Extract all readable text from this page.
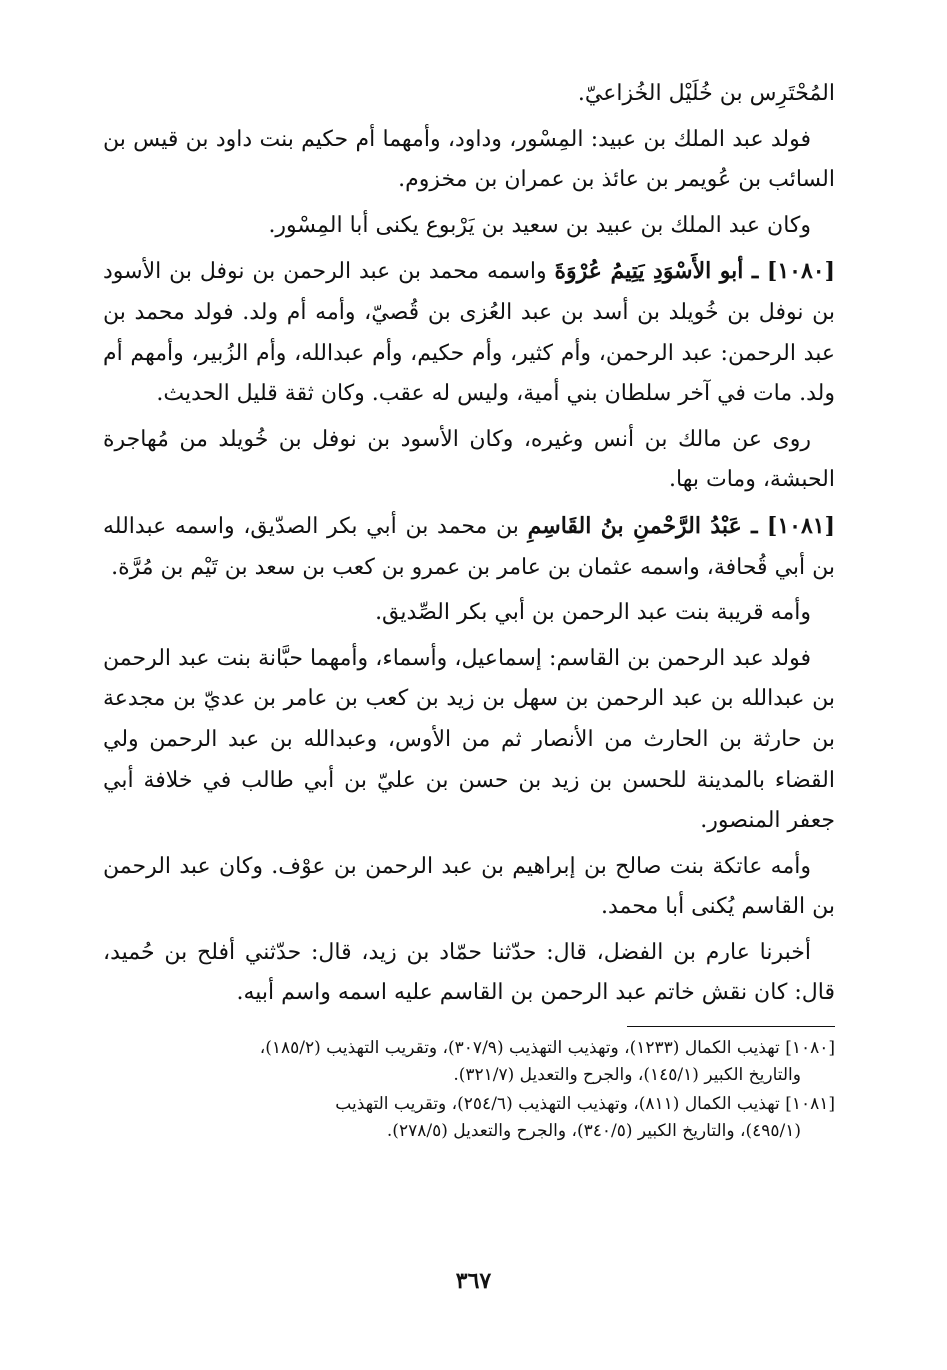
المُحْتَرِس بن خُلَيْل الخُزاعيّ.

فولد عبد الملك بن عبيد: المِسْور، وداود، وأمهما أم حكيم بنت داود بن قيس بن السائب بن عُويمر بن عائذ بن عمران بن مخزوم.

وكان عبد الملك بن عبيد بن سعيد بن يَرْبوع يكنى أبا المِسْور.

[١٠٨٠] ـ أبو الأَسْوَدِ يَتِيمُ عُرْوَةَ واسمه محمد بن عبد الرحمن بن نوفل بن الأسود بن نوفل بن خُويلد بن أسد بن عبد العُزى بن قُصيّ، وأمه أم ولد. فولد محمد بن عبد الرحمن: عبد الرحمن، وأم كثير، وأم حكيم، وأم عبدالله، وأم الزُبير، وأمهم أم ولد. مات في آخر سلطان بني أمية، وليس له عقب. وكان ثقة قليل الحديث.

روى عن مالك بن أنس وغيره، وكان الأسود بن نوفل بن خُويلد من مُهاجرة الحبشة، ومات بها.

[١٠٨١] ـ عَبْدُ الرَّحْمنِ بنُ القَاسِمِ بن محمد بن أبي بكر الصدّيق، واسمه عبدالله بن أبي قُحافة، واسمه عثمان بن عامر بن عمرو بن كعب بن سعد بن تَيْم بن مُرَّة.

وأمه قريبة بنت عبد الرحمن بن أبي بكر الصِّديق.

فولد عبد الرحمن بن القاسم: إسماعيل، وأسماء، وأمهما حبَّانة بنت عبد الرحمن بن عبدالله بن عبد الرحمن بن سهل بن زيد بن كعب بن عامر بن عديّ بن مجدعة بن حارثة بن الحارث من الأنصار ثم من الأوس، وعبدالله بن عبد الرحمن ولي القضاء بالمدينة للحسن بن زيد بن حسن بن عليّ بن أبي طالب في خلافة أبي جعفر المنصور.

وأمه عاتكة بنت صالح بن إبراهيم بن عبد الرحمن بن عوْف. وكان عبد الرحمن بن القاسم يُكنى أبا محمد.

أخبرنا عارم بن الفضل، قال: حدّثنا حمّاد بن زيد، قال: حدّثني أفلح بن حُميد، قال: كان نقش خاتم عبد الرحمن بن القاسم عليه اسمه واسم أبيه.

[١٠٨٠] تهذيب الكمال (١٢٣٣)، وتهذيب التهذيب (٣٠٧/٩)، وتقريب التهذيب (١٨٥/٢)،
والتاريخ الكبير (١٤٥/١)، والجرح والتعديل (٣٢١/٧).

[١٠٨١] تهذيب الكمال (٨١١)، وتهذيب التهذيب (٢٥٤/٦)، وتقريب التهذيب
(٤٩٥/١)، والتاريخ الكبير (٣٤٠/٥)، والجرح والتعديل (٢٧٨/٥).

٣٦٧
